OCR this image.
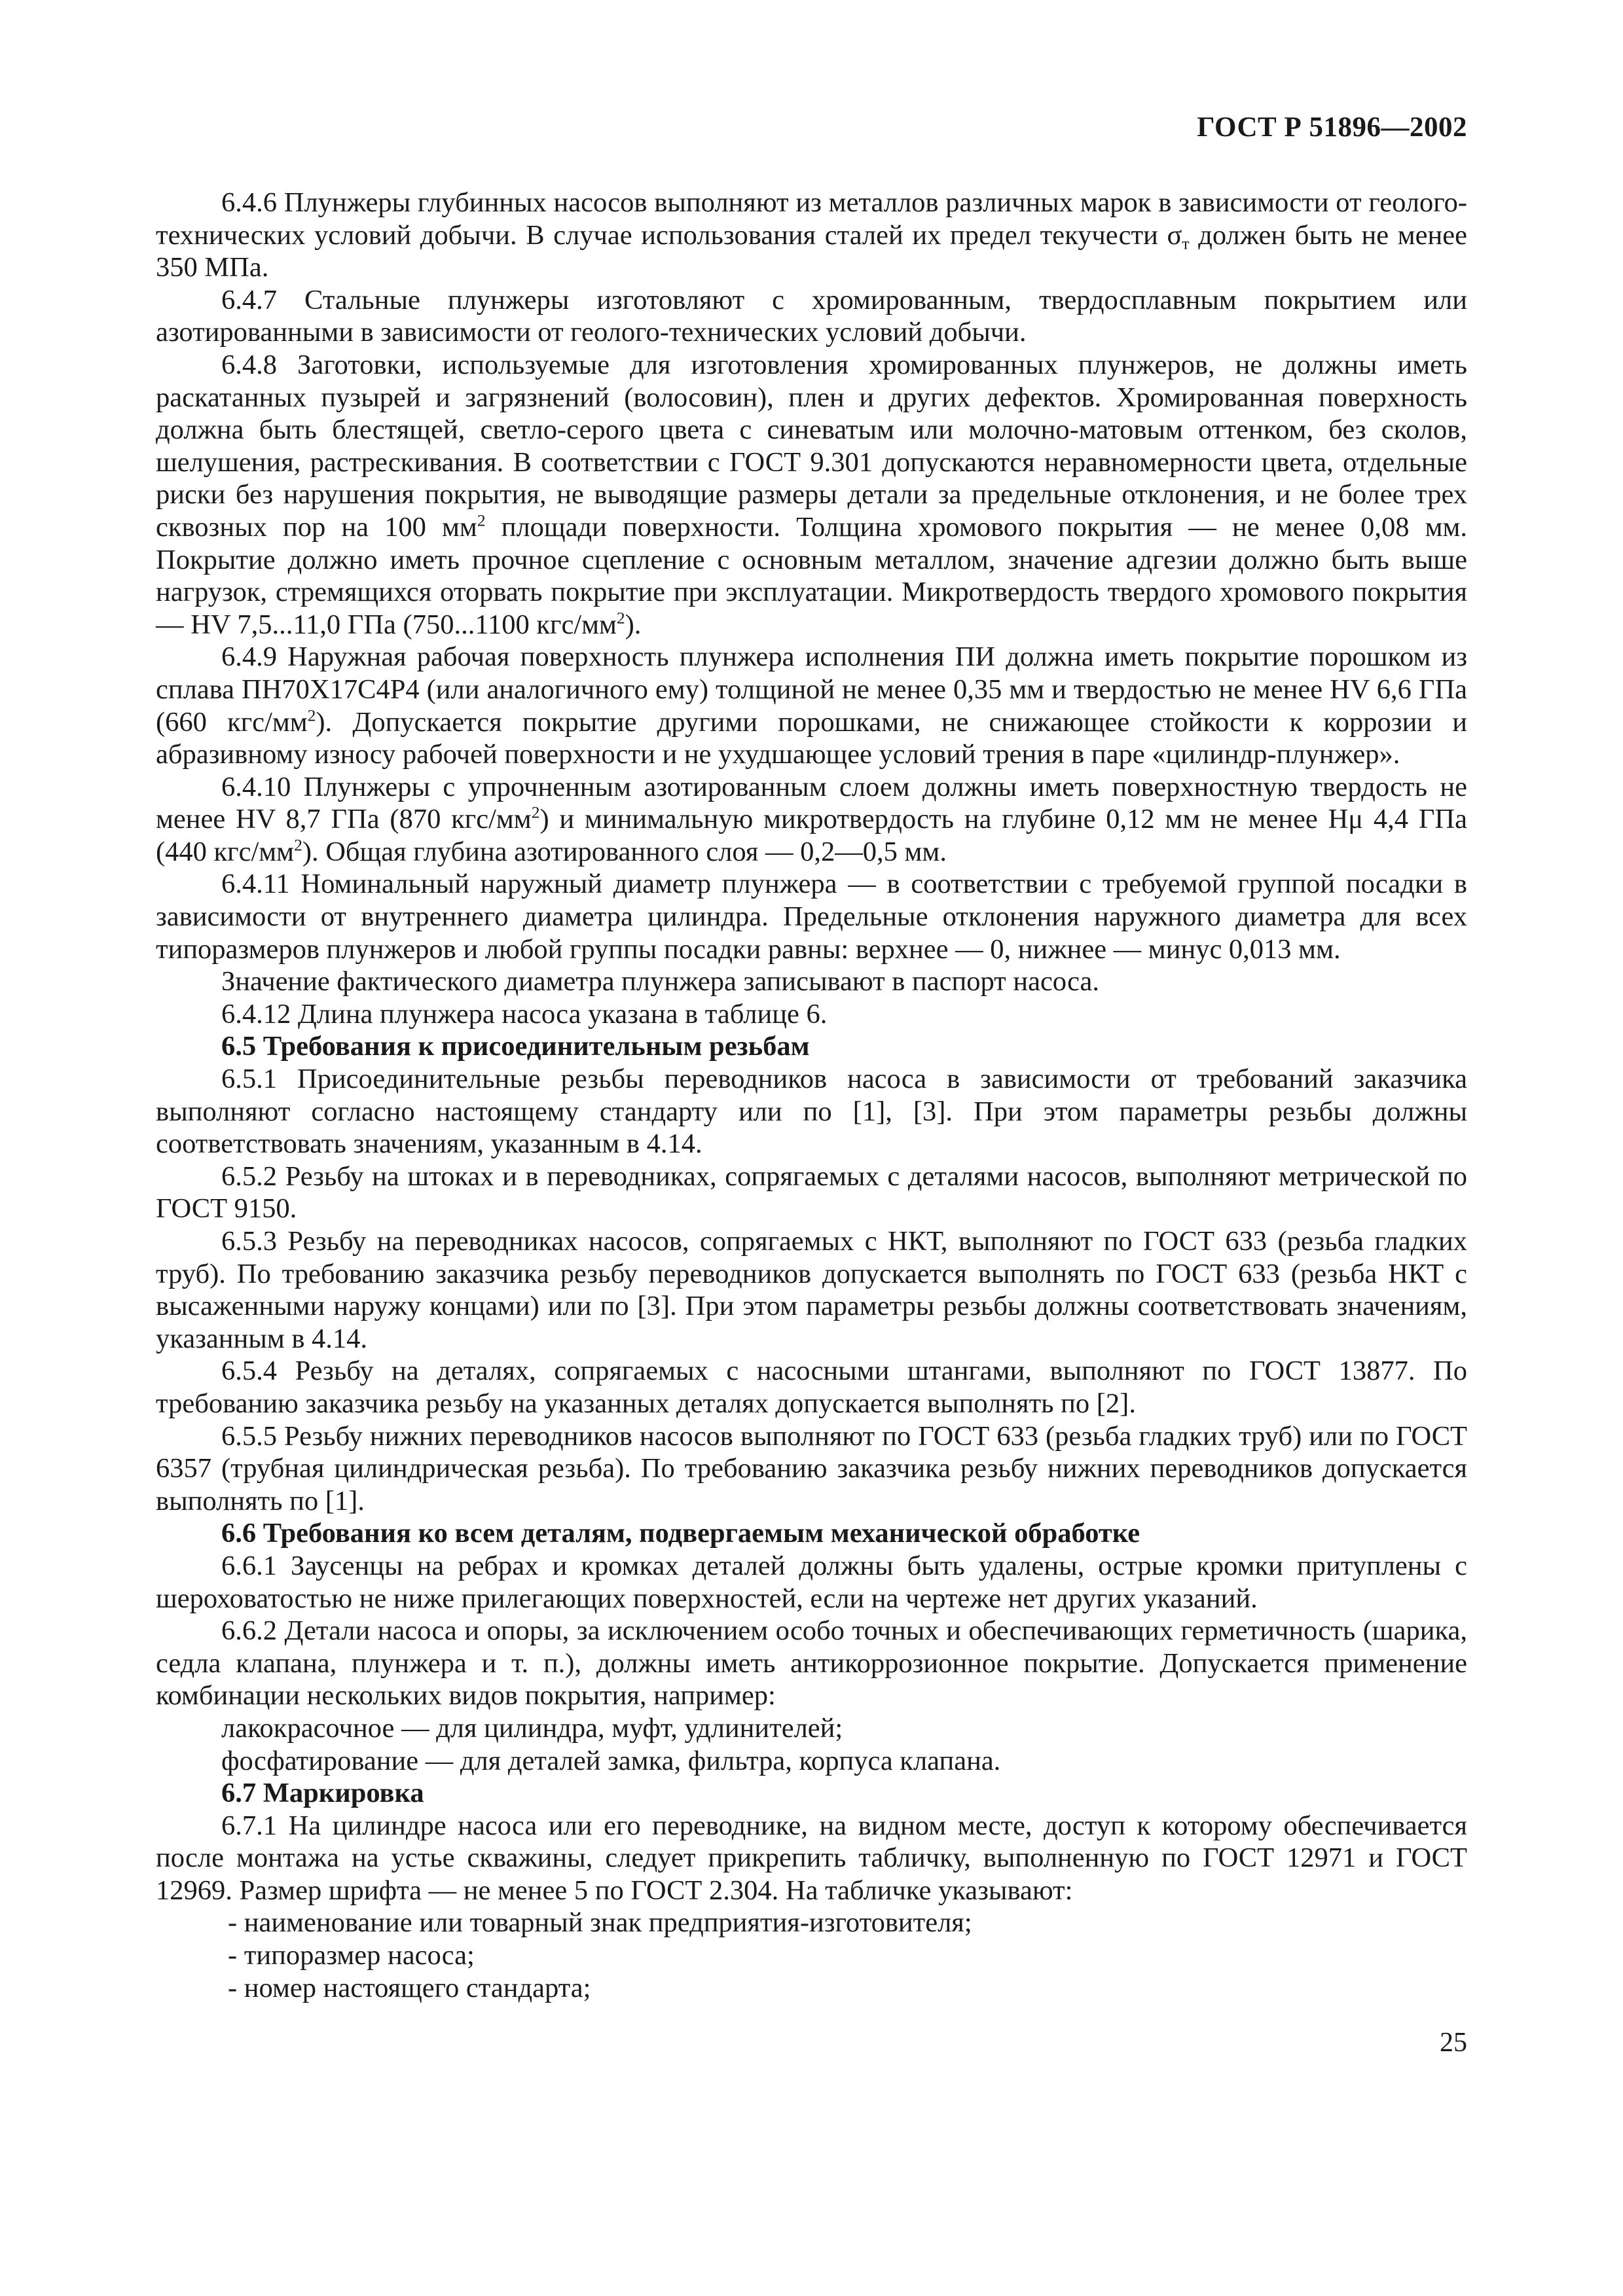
ГОСТ Р 51896—2002

6.4.6 Плунжеры глубинных насосов выполняют из металлов различных марок в зависимости от геолого-технических условий добычи. В случае использования сталей их предел текучести $\sigma_т$ должен быть не менее 350 МПа.

6.4.7 Стальные плунжеры изготовляют с хромированным, твердосплавным покрытием или азотированными в зависимости от геолого-технических условий добычи.

6.4.8 Заготовки, используемые для изготовления хромированных плунжеров, не должны иметь раскатанных пузырей и загрязнений (волосовин), плен и других дефектов. Хромированная поверхность должна быть блестящей, светло-серого цвета с синеватым или молочно-матовым оттенком, без сколов, шелушения, растрескивания. В соответствии с ГОСТ 9.301 допускаются неравномерности цвета, отдельные риски без нарушения покрытия, не выводящие размеры детали за предельные отклонения, и не более трех сквозных пор на 100 $мм^2$ площади поверхности. Толщина хромового покрытия — не менее 0,08 мм. Покрытие должно иметь прочное сцепление с основным металлом, значение адгезии должно быть выше нагрузок, стремящихся оторвать покрытие при эксплуатации. Микротвердость твердого хромового покрытия — HV 7,5...11,0 ГПа (750...1100 кгс/$мм^2$).

6.4.9 Наружная рабочая поверхность плунжера исполнения ПИ должна иметь покрытие порошком из сплава ПН70Х17С4Р4 (или аналогичного ему) толщиной не менее 0,35 мм и твердостью не менее HV 6,6 ГПа (660 кгс/$мм^2$). Допускается покрытие другими порошками, не снижающее стойкости к коррозии и абразивному износу рабочей поверхности и не ухудшающее условий трения в паре «цилиндр-плунжер».

6.4.10 Плунжеры с упрочненным азотированным слоем должны иметь поверхностную твердость не менее HV 8,7 ГПа (870 кгс/$мм^2$) и минимальную микротвердость на глубине 0,12 мм не менее Hμ 4,4 ГПа (440 кгс/$мм^2$). Общая глубина азотированного слоя — 0,2—0,5 мм.

6.4.11 Номинальный наружный диаметр плунжера — в соответствии с требуемой группой посадки в зависимости от внутреннего диаметра цилиндра. Предельные отклонения наружного диаметра для всех типоразмеров плунжеров и любой группы посадки равны: верхнее — 0, нижнее — минус 0,013 мм.

Значение фактического диаметра плунжера записывают в паспорт насоса.

6.4.12 Длина плунжера насоса указана в таблице 6.

6.5 Требования к присоединительным резьбам

6.5.1 Присоединительные резьбы переводников насоса в зависимости от требований заказчика выполняют согласно настоящему стандарту или по [1], [3]. При этом параметры резьбы должны соответствовать значениям, указанным в 4.14.

6.5.2 Резьбу на штоках и в переводниках, сопрягаемых с деталями насосов, выполняют метрической по ГОСТ 9150.

6.5.3 Резьбу на переводниках насосов, сопрягаемых с НКТ, выполняют по ГОСТ 633 (резьба гладких труб). По требованию заказчика резьбу переводников допускается выполнять по ГОСТ 633 (резьба НКТ с высаженными наружу концами) или по [3]. При этом параметры резьбы должны соответствовать значениям, указанным в 4.14.

6.5.4 Резьбу на деталях, сопрягаемых с насосными штангами, выполняют по ГОСТ 13877. По требованию заказчика резьбу на указанных деталях допускается выполнять по [2].

6.5.5 Резьбу нижних переводников насосов выполняют по ГОСТ 633 (резьба гладких труб) или по ГОСТ 6357 (трубная цилиндрическая резьба). По требованию заказчика резьбу нижних переводников допускается выполнять по [1].

6.6 Требования ко всем деталям, подвергаемым механической обработке

6.6.1 Заусенцы на ребрах и кромках деталей должны быть удалены, острые кромки притуплены с шероховатостью не ниже прилегающих поверхностей, если на чертеже нет других указаний.

6.6.2 Детали насоса и опоры, за исключением особо точных и обеспечивающих герметичность (шарика, седла клапана, плунжера и т. п.), должны иметь антикоррозионное покрытие. Допускается применение комбинации нескольких видов покрытия, например:

лакокрасочное — для цилиндра, муфт, удлинителей;

фосфатирование — для деталей замка, фильтра, корпуса клапана.

6.7 Маркировка

6.7.1 На цилиндре насоса или его переводнике, на видном месте, доступ к которому обеспечивается после монтажа на устье скважины, следует прикрепить табличку, выполненную по ГОСТ 12971 и ГОСТ 12969. Размер шрифта — не менее 5 по ГОСТ 2.304. На табличке указывают:

- наименование или товарный знак предприятия-изготовителя;

- типоразмер насоса;

- номер настоящего стандарта;

25
